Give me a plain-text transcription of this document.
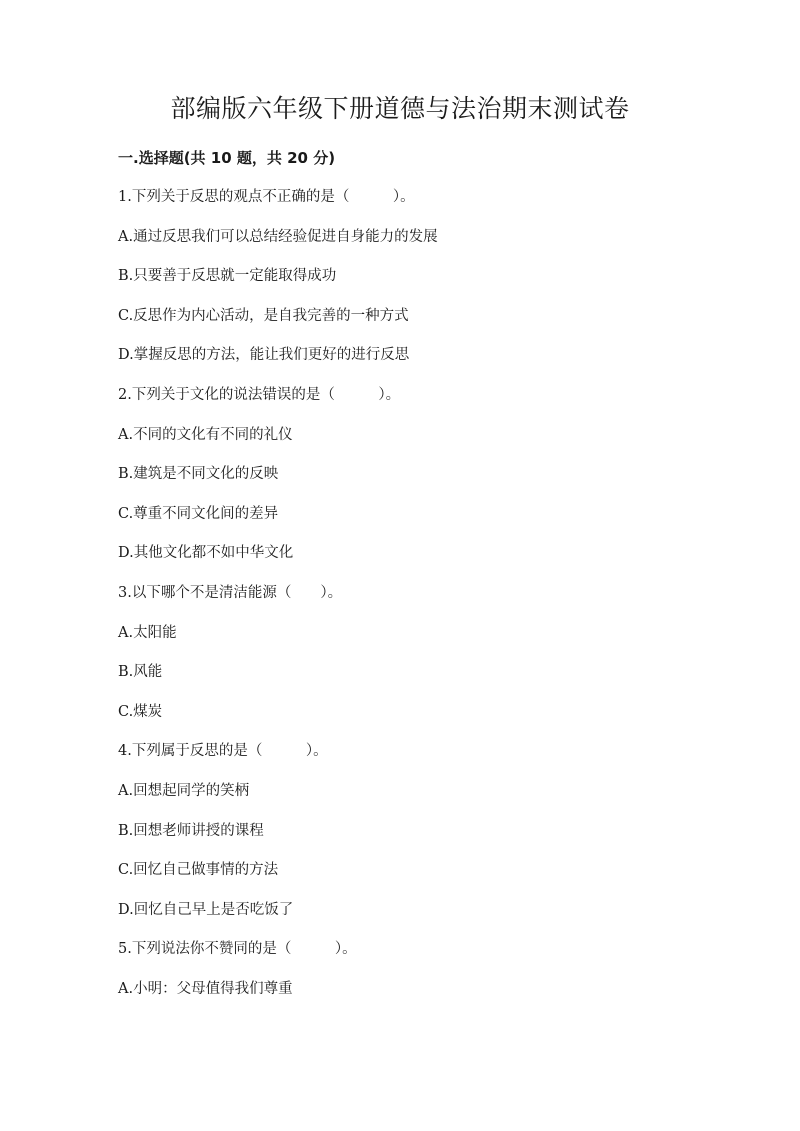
部编版六年级下册道德与法治期末测试卷
一.选择题(共 10 题，共 20 分)
1.下列关于反思的观点不正确的是（　　　）。
A.通过反思我们可以总结经验促进自身能力的发展
B.只要善于反思就一定能取得成功
C.反思作为内心活动，是自我完善的一种方式
D.掌握反思的方法，能让我们更好的进行反思
2.下列关于文化的说法错误的是（　　　）。
A.不同的文化有不同的礼仪
B.建筑是不同文化的反映
C.尊重不同文化间的差异
D.其他文化都不如中华文化
3.以下哪个不是清洁能源（　　）。
A.太阳能
B.风能
C.煤炭
4.下列属于反思的是（　　　）。
A.回想起同学的笑柄
B.回想老师讲授的课程
C.回忆自己做事情的方法
D.回忆自己早上是否吃饭了
5.下列说法你不赞同的是（　　　）。
A.小明：父母值得我们尊重
